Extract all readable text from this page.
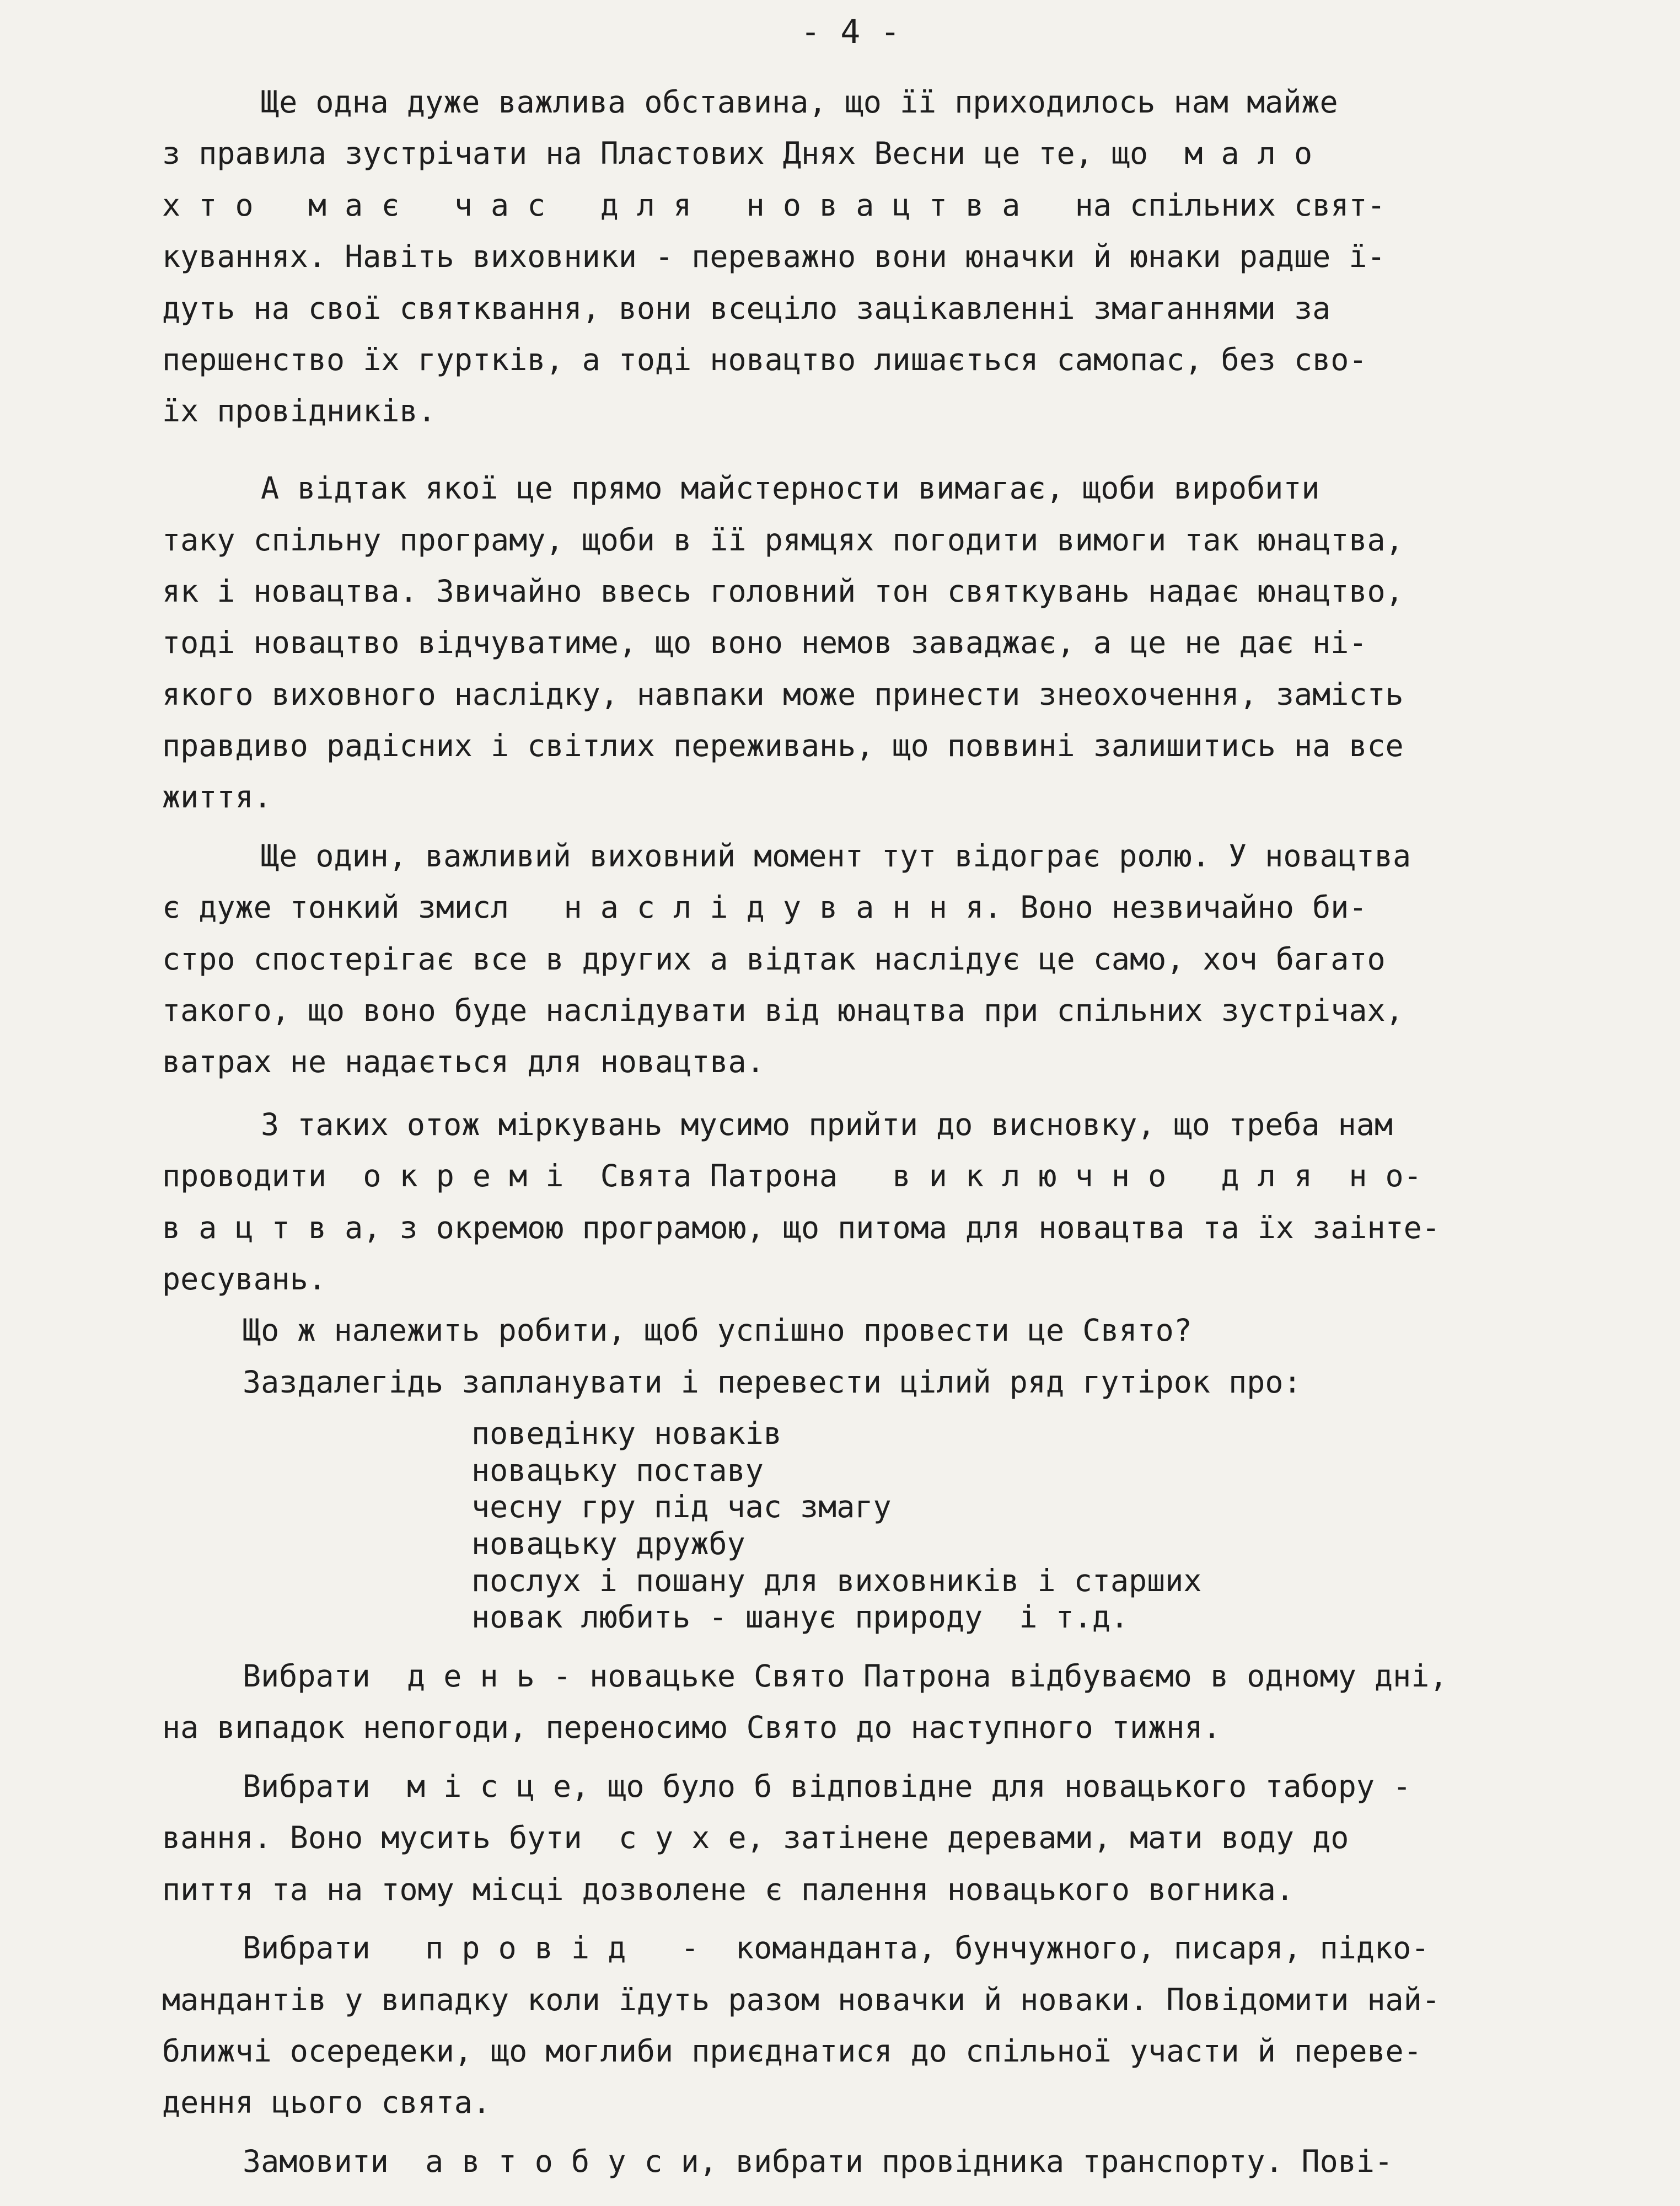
- 4 -
Ще одна дуже важлива обставина, що її приходилось нам майже
з правила зустрічати на Пластових Днях Весни це те, що  м а л о
х т о   м а є   ч а с   д л я   н о в а ц т в а   на спільних свят-
куваннях. Навіть виховники - переважно вони юначки й юнаки радше ї-
дуть на свої святквання, вони всеціло зацікавленні змаганнями за
першенство їх гуртків, а тоді новацтво лишається самопас, без сво-
їх провідників.
А відтак якої це прямо майстерности вимагає, щоби виробити
таку спільну програму, щоби в її рямцях погодити вимоги так юнацтва,
як і новацтва. Звичайно ввесь головний тон святкувань надає юнацтво,
тоді новацтво відчуватиме, що воно немов заваджає, а це не дає ні-
якого виховного наслідку, навпаки може принести знеохочення, замість
правдиво радісних і світлих переживань, що поввині залишитись на все
життя.
Ще один, важливий виховний момент тут відограє ролю. У новацтва
є дуже тонкий змисл   н а с л і д у в а н н я. Воно незвичайно би-
стро спостерігає все в других а відтак наслідує це само, хоч багато
такого, що воно буде наслідувати від юнацтва при спільних зустрічах,
ватрах не надається для новацтва.
З таких отож міркувань мусимо прийти до висновку, що треба нам
проводити  о к р е м і  Свята Патрона   в и к л ю ч н о   д л я  н о-
в а ц т в а, з окремою програмою, що питома для новацтва та їх заінте-
ресувань.
Що ж належить робити, щоб успішно провести це Свято?
Заздалегідь запланувати і перевести цілий ряд гутірок про:
поведінку новаків
новацьку поставу
чесну гру під час змагу
новацьку дружбу
послух і пошану для виховників і старших
новак любить - шанує природу  і т.д.
Вибрати  д е н ь - новацьке Свято Патрона відбуваємо в одному дні,
на випадок непогоди, переносимо Свято до наступного тижня.
Вибрати  м і с ц е, що було б відповідне для новацького табору -
вання. Воно мусить бути  с у х е, затінене деревами, мати воду до
пиття та на тому місці дозволене є палення новацького вогника.
Вибрати   п р о в і д   -  команданта, бунчужного, писаря, підко-
мандантів у випадку коли їдуть разом новачки й новаки. Повідомити най-
ближчі осередеки, що моглиби приєднатися до спільної участи й переве-
дення цього свята.
Замовити  а в т о б у с и, вибрати провідника транспорту. Пові-
